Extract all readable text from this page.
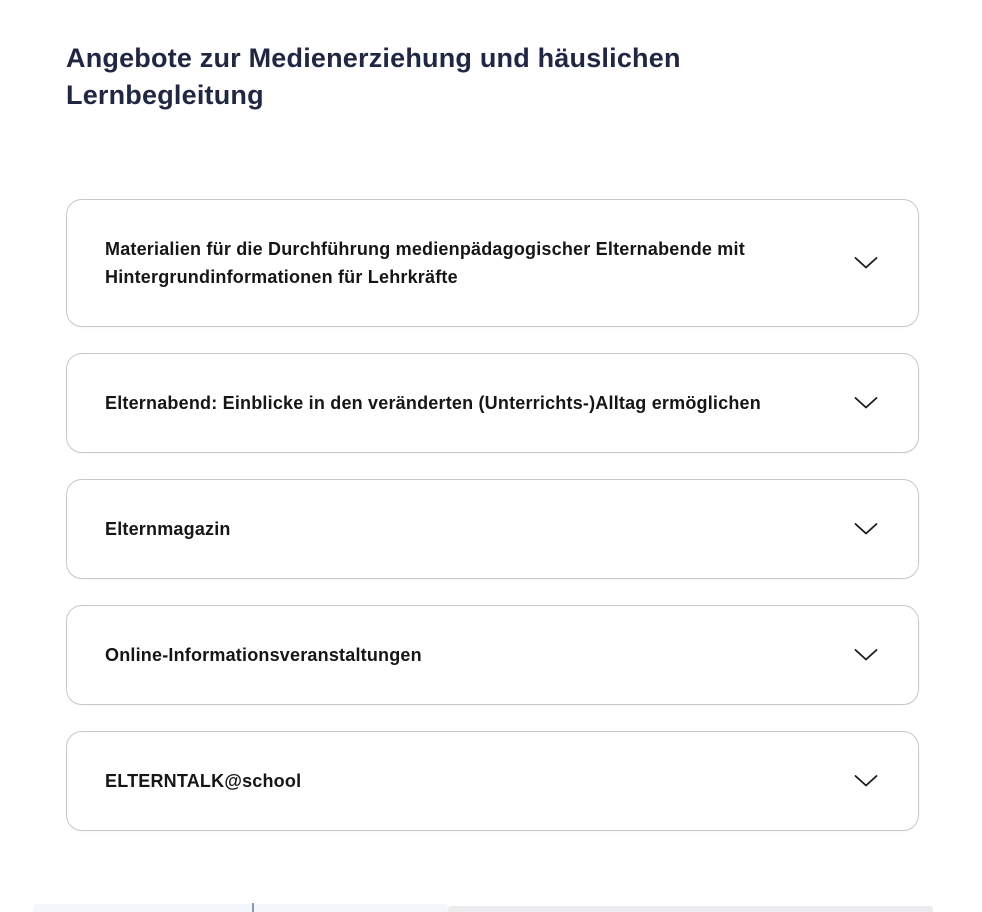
Angebote zur Medienerziehung und häuslichen Lernbegleitung
Materialien für die Durchführung medienpädagogischer Elternabende mit Hintergrundinformationen für Lehrkräfte
Elternabend: Einblicke in den veränderten (Unterrichts-)Alltag ermöglichen
Elternmagazin
Online-Informationsveranstaltungen
ELTERNTALK@school
